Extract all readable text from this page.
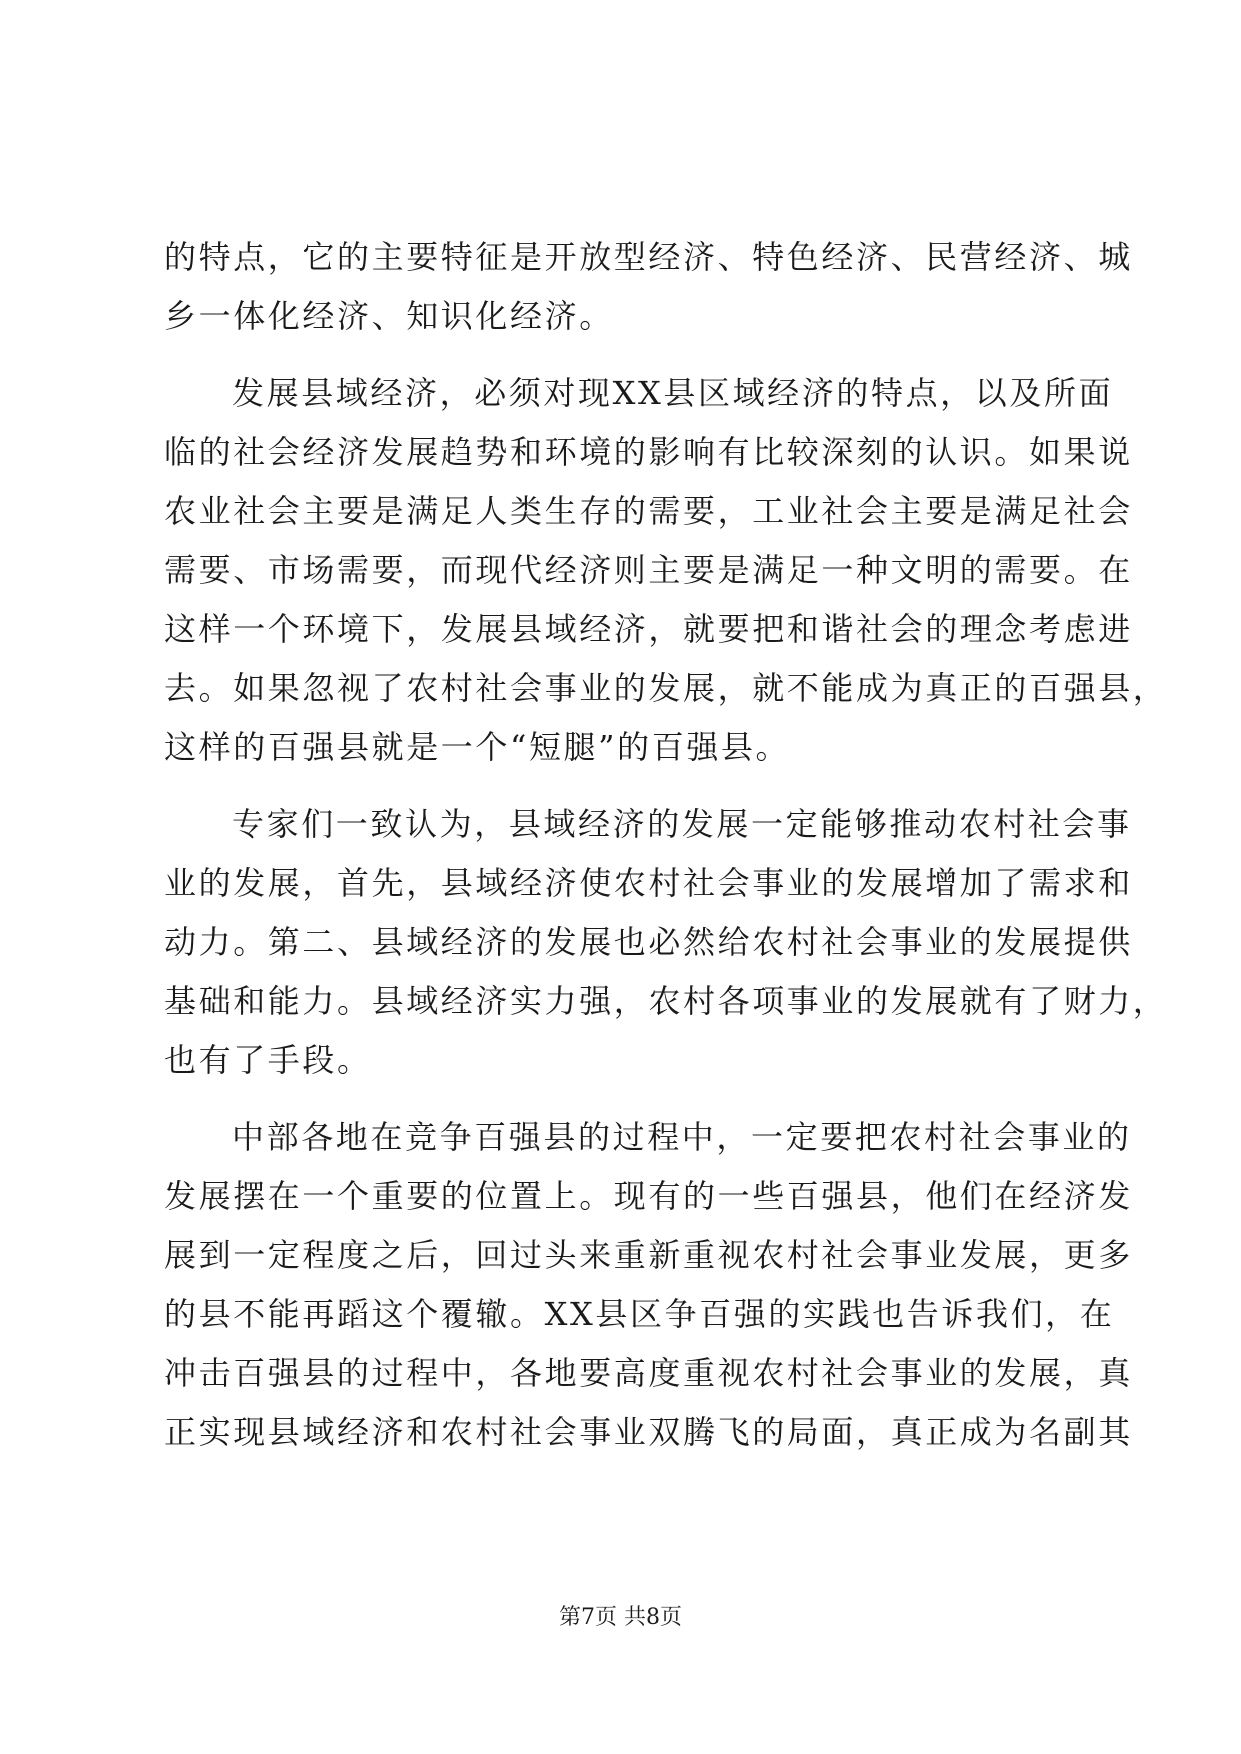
的特点，它的主要特征是开放型经济、特色经济、民营经济、城
乡一体化经济、知识化经济。
发展县域经济，必须对现XX县区域经济的特点，以及所面
临的社会经济发展趋势和环境的影响有比较深刻的认识。如果说
农业社会主要是满足人类生存的需要，工业社会主要是满足社会
需要、市场需要，而现代经济则主要是满足一种文明的需要。在
这样一个环境下，发展县域经济，就要把和谐社会的理念考虑进
去。如果忽视了农村社会事业的发展，就不能成为真正的百强县，
这样的百强县就是一个“短腿”的百强县。
专家们一致认为，县域经济的发展一定能够推动农村社会事
业的发展，首先，县域经济使农村社会事业的发展增加了需求和
动力。第二、县域经济的发展也必然给农村社会事业的发展提供
基础和能力。县域经济实力强，农村各项事业的发展就有了财力，
也有了手段。
中部各地在竞争百强县的过程中，一定要把农村社会事业的
发展摆在一个重要的位置上。现有的一些百强县，他们在经济发
展到一定程度之后，回过头来重新重视农村社会事业发展，更多
的县不能再蹈这个覆辙。XX县区争百强的实践也告诉我们，在
冲击百强县的过程中，各地要高度重视农村社会事业的发展，真
正实现县域经济和农村社会事业双腾飞的局面，真正成为名副其
第7页 共8页
